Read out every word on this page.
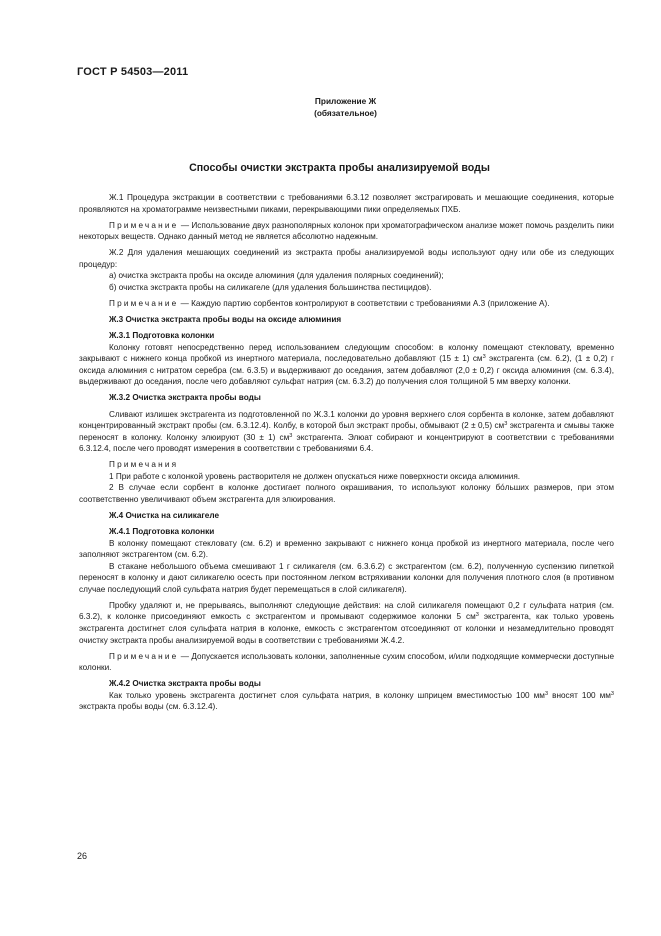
ГОСТ Р 54503—2011
Приложение Ж
(обязательное)
Способы очистки экстракта пробы анализируемой воды

Ж.1 Процедура экстракции в соответствии с требованиями 6.3.12 позволяет экстрагировать и мешающие соединения, которые проявляются на хроматограмме неизвестными пиками, перекрывающими пики определяемых ПХБ.

Примечание — Использование двух разнополярных колонок при хроматографическом анализе может помочь разделить пики некоторых веществ. Однако данный метод не является абсолютно надежным.

Ж.2 Для удаления мешающих соединений из экстракта пробы анализируемой воды используют одну или обе из следующих процедур:

а) очистка экстракта пробы на оксиде алюминия (для удаления полярных соединений);

б) очистка экстракта пробы на силикагеле (для удаления большинства пестицидов).

Примечание — Каждую партию сорбентов контролируют в соответствии с требованиями А.3 (приложение А).

Ж.3 Очистка экстракта пробы воды на оксиде алюминия
Ж.3.1 Подготовка колонки

Колонку готовят непосредственно перед использованием следующим способом: в колонку помещают стекловату, временно закрывают с нижнего конца пробкой из инертного материала, последовательно добавляют (15 ± 1) $см^3$ экстрагента (см. 6.2), (1 ± 0,2) г оксида алюминия с нитратом серебра (см. 6.3.5) и выдерживают до оседания, затем добавляют (2,0 ± 0,2) г оксида алюминия (см. 6.3.4), выдерживают до оседания, после чего добавляют сульфат натрия (см. 6.3.2) до получения слоя толщиной 5 мм вверху колонки.

Ж.3.2 Очистка экстракта пробы воды

Сливают излишек экстрагента из подготовленной по Ж.3.1 колонки до уровня верхнего слоя сорбента в колонке, затем добавляют концентрированный экстракт пробы (см. 6.3.12.4). Колбу, в которой был экстракт пробы, обмывают (2 ± 0,5) $см^3$ экстрагента и смывы также переносят в колонку. Колонку элюируют (30 ± 1) $см^3$ экстрагента. Элюат собирают и концентрируют в соответствии с требованиями 6.3.12.4, после чего проводят измерения в соответствии с требованиями 6.4.

Примечания

1 При работе с колонкой уровень растворителя не должен опускаться ниже поверхности оксида алюминия.

2 В случае если сорбент в колонке достигает полного окрашивания, то используют колонку бо́льших размеров, при этом соответственно увеличивают объем экстрагента для элюирования.

Ж.4 Очистка на силикагеле
Ж.4.1 Подготовка колонки

В колонку помещают стекловату (см. 6.2) и временно закрывают с нижнего конца пробкой из инертного материала, после чего заполняют экстрагентом (см. 6.2).

В стакане небольшого объема смешивают 1 г силикагеля (см. 6.3.6.2) с экстрагентом (см. 6.2), полученную суспензию пипеткой переносят в колонку и дают силикагелю осесть при постоянном легком встряхивании колонки для получения плотного слоя (в противном случае последующий слой сульфата натрия будет перемещаться в слой силикагеля).

Пробку удаляют и, не прерываясь, выполняют следующие действия: на слой силикагеля помещают 0,2 г сульфата натрия (см. 6.3.2), к колонке присоединяют емкость с экстрагентом и промывают содержимое колонки 5 $см^3$ экстрагента, как только уровень экстрагента достигнет слоя сульфата натрия в колонке, емкость с экстрагентом отсоединяют от колонки и незамедлительно проводят очистку экстракта пробы анализируемой воды в соответствии с требованиями Ж.4.2.

Примечание — Допускается использовать колонки, заполненные сухим способом, и/или подходящие коммерчески доступные колонки.

Ж.4.2 Очистка экстракта пробы воды

Как только уровень экстрагента достигнет слоя сульфата натрия, в колонку шприцем вместимостью 100 $мм^3$ вносят 100 $мм^3$ экстракта пробы воды (см. 6.3.12.4).

26
